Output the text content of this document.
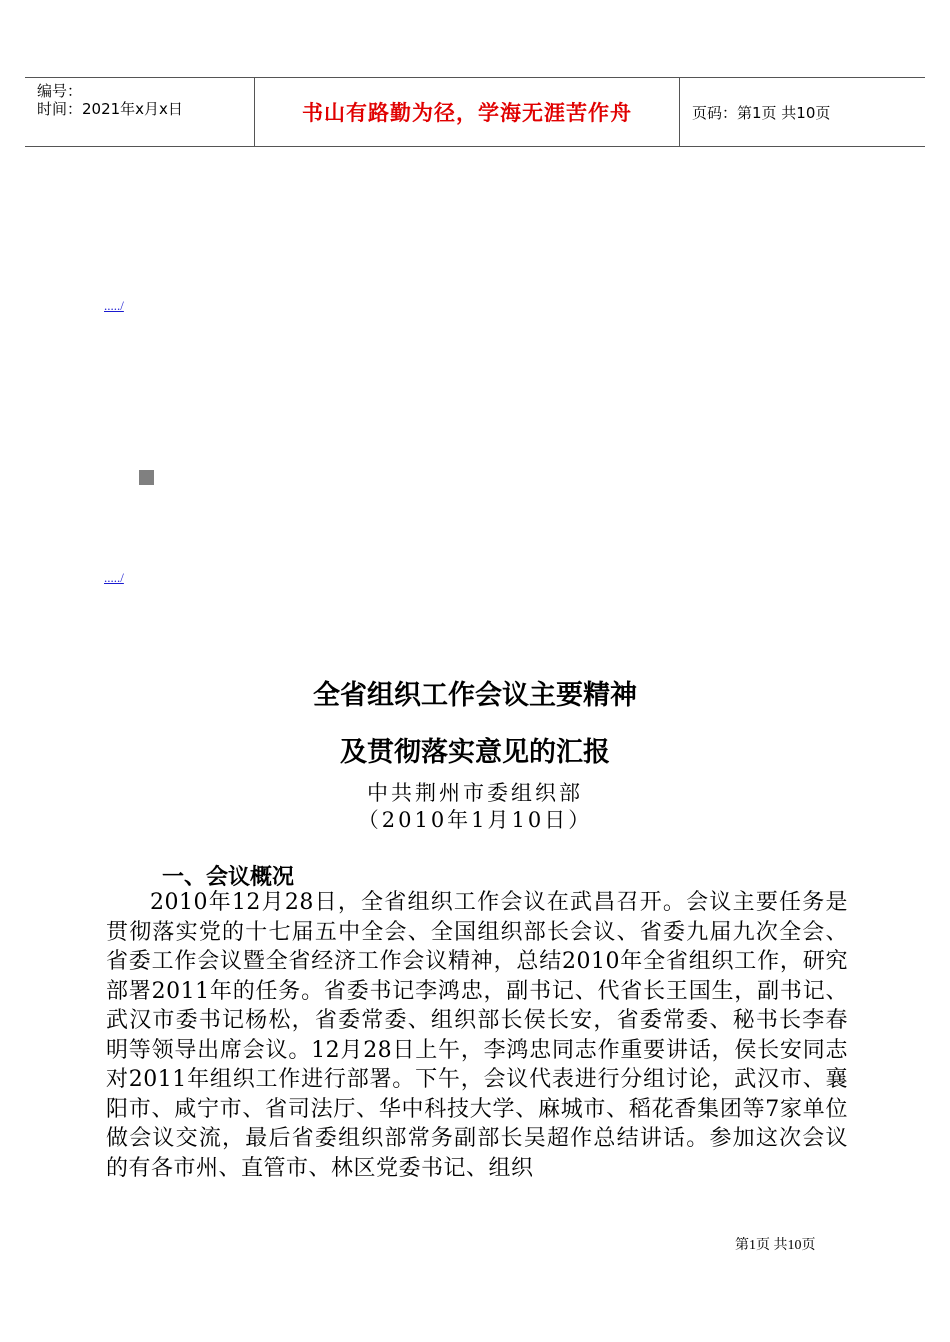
编号：
时间：2021年x月x日	书山有路勤为径，学海无涯苦作舟	页码：第1页 共10页
...../
...../
全省组织工作会议主要精神
及贯彻落实意见的汇报
中共荆州市委组织部
（2010年1月10日）
一、会议概况
2010年12月28日，全省组织工作会议在武昌召开。会议主要任务是贯彻落实党的十七届五中全会、全国组织部长会议、省委九届九次全会、省委工作会议暨全省经济工作会议精神，总结2010年全省组织工作，研究部署2011年的任务。省委书记李鸿忠，副书记、代省长王国生，副书记、武汉市委书记杨松，省委常委、组织部长侯长安，省委常委、秘书长李春明等领导出席会议。12月28日上午，李鸿忠同志作重要讲话，侯长安同志对2011年组织工作进行部署。下午，会议代表进行分组讨论，武汉市、襄阳市、咸宁市、省司法厅、华中科技大学、麻城市、稻花香集团等7家单位做会议交流，最后省委组织部常务副部长吴超作总结讲话。参加这次会议的有各市州、直管市、林区党委书记、组织
第1页 共10页
